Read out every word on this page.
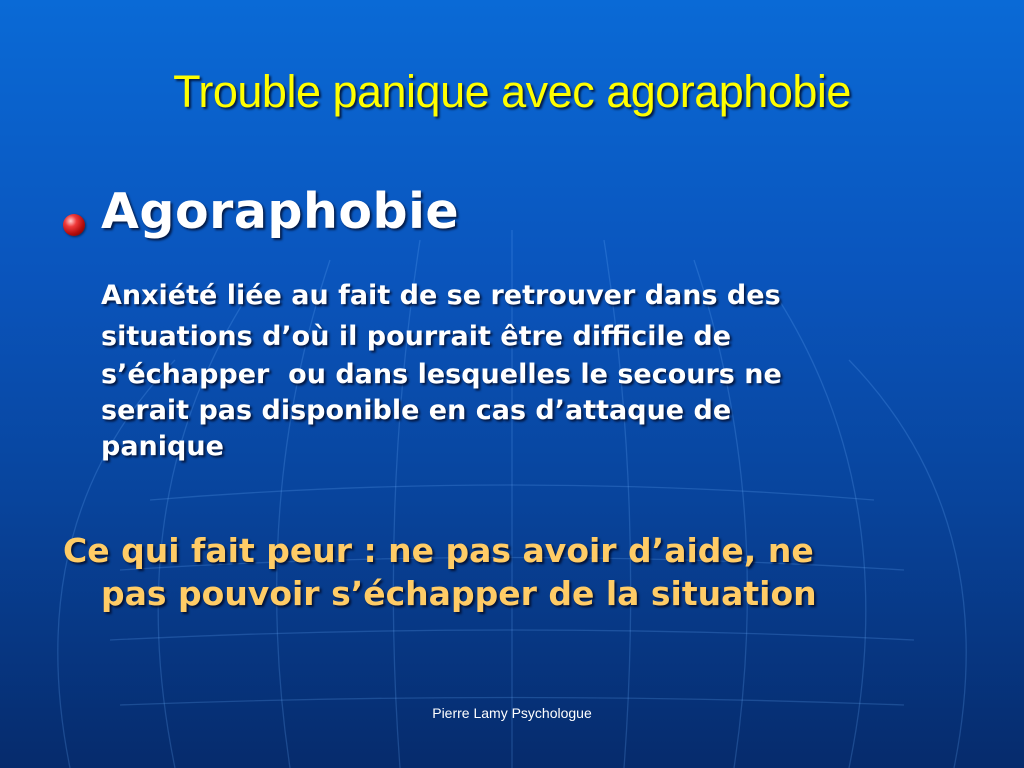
Trouble panique avec agoraphobie
Agoraphobie
Anxiété liée au fait de se retrouver dans des
situations d’où il pourrait être difficile de
s’échapper  ou dans lesquelles le secours ne
serait pas disponible en cas d’attaque de
panique
Ce qui fait peur : ne pas avoir d’aide, ne
pas pouvoir s’échapper de la situation
Pierre Lamy Psychologue
